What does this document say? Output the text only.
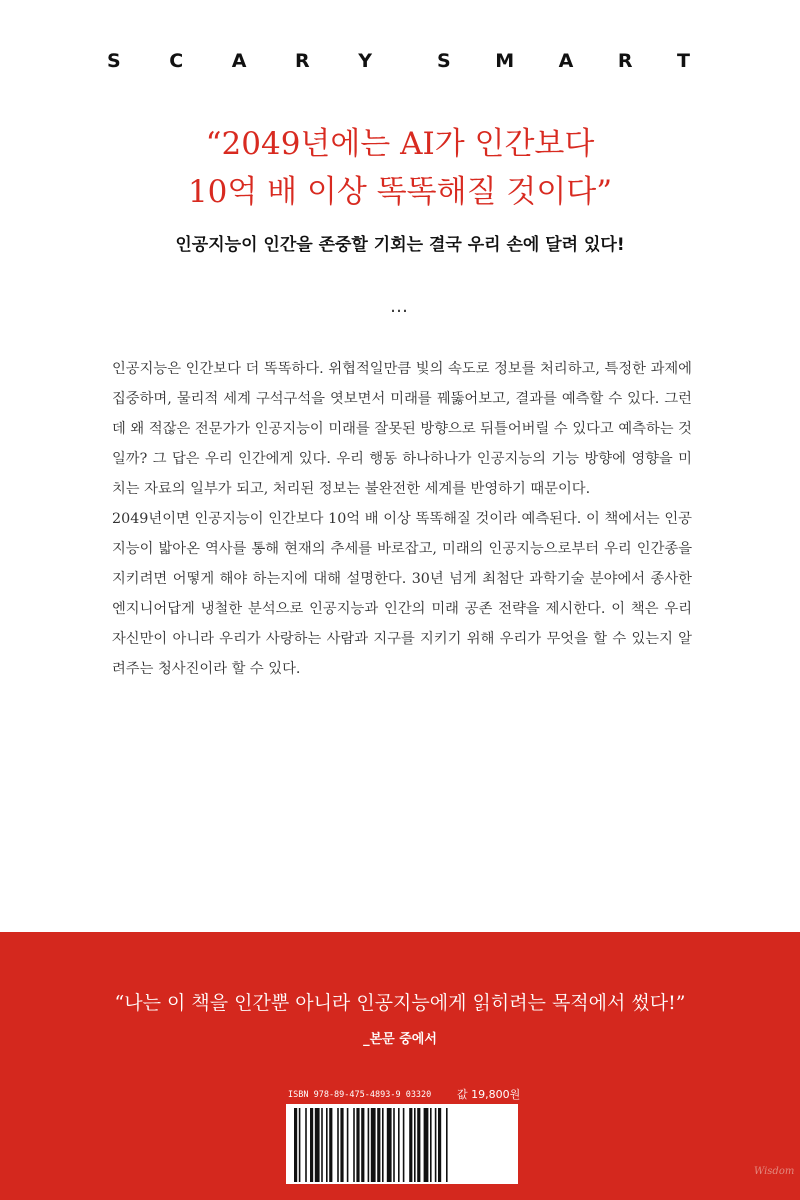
S	C	A	R	Y	S M A R T
“2049년에는 AI가 인간보다
10억 배 이상 똑똑해질 것이다”
인공지능이 인간을 존중할 기회는 결국 우리 손에 달려 있다!
…

인공지능은 인간보다 더 똑똑하다. 위협적일만큼 빛의 속도로 정보를 처리하고, 특정한 과제에 집중하며, 물리적 세계 구석구석을 엿보면서 미래를 꿰뚫어보고, 결과를 예측할 수 있다. 그런데 왜 적잖은 전문가가 인공지능이 미래를 잘못된 방향으로 뒤틀어버릴 수 있다고 예측하는 것일까? 그 답은 우리 인간에게 있다. 우리 행동 하나하나가 인공지능의 기능 방향에 영향을 미치는 자료의 일부가 되고, 처리된 정보는 불완전한 세계를 반영하기 때문이다.

2049년이면 인공지능이 인간보다 10억 배 이상 똑똑해질 것이라 예측된다. 이 책에서는 인공지능이 밟아온 역사를 통해 현재의 추세를 바로잡고, 미래의 인공지능으로부터 우리 인간종을 지키려면 어떻게 해야 하는지에 대해 설명한다. 30년 넘게 최첨단 과학기술 분야에서 종사한 엔지니어답게 냉철한 분석으로 인공지능과 인간의 미래 공존 전략을 제시한다. 이 책은 우리 자신만이 아니라 우리가 사랑하는 사람과 지구를 지키기 위해 우리가 무엇을 할 수 있는지 알려주는 청사진이라 할 수 있다.

“나는 이 책을 인간뿐 아니라 인공지능에게 읽히려는 목적에서 썼다!”
_본문 중에서
ISBN 978-89-475-4893-9 03320	값 19,800원
Wisdom
